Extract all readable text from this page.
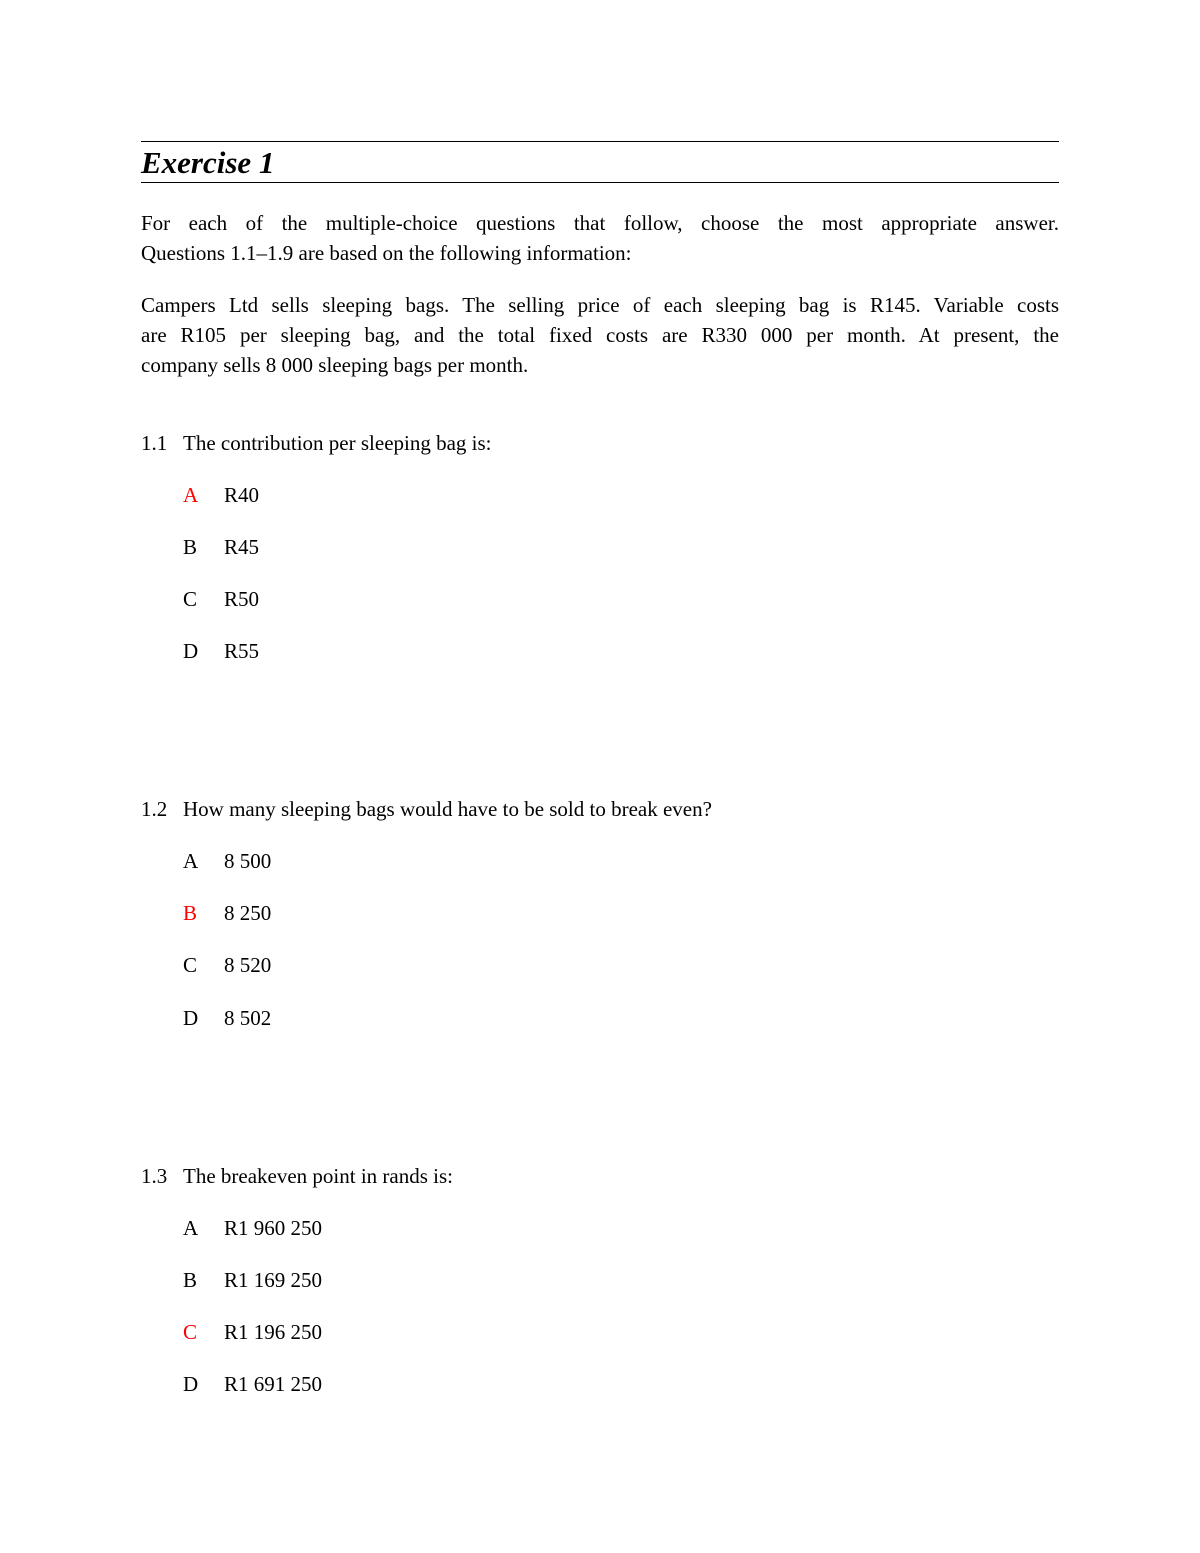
Exercise 1

For each of the multiple-choice questions that follow, choose the most appropriate answer.
Questions 1.1–1.9 are based on the following information:

Campers Ltd sells sleeping bags. The selling price of each sleeping bag is R145. Variable costs
are R105 per sleeping bag, and the total fixed costs are R330 000 per month. At present, the
company sells 8 000 sleeping bags per month.

1.1 The contribution per sleeping bag is:
A R40
B R45
C R50
D R55
1.2 How many sleeping bags would have to be sold to break even?
A 8 500
B 8 250
C 8 520
D 8 502
1.3 The breakeven point in rands is:
A R1 960 250
B R1 169 250
C R1 196 250
D R1 691 250
